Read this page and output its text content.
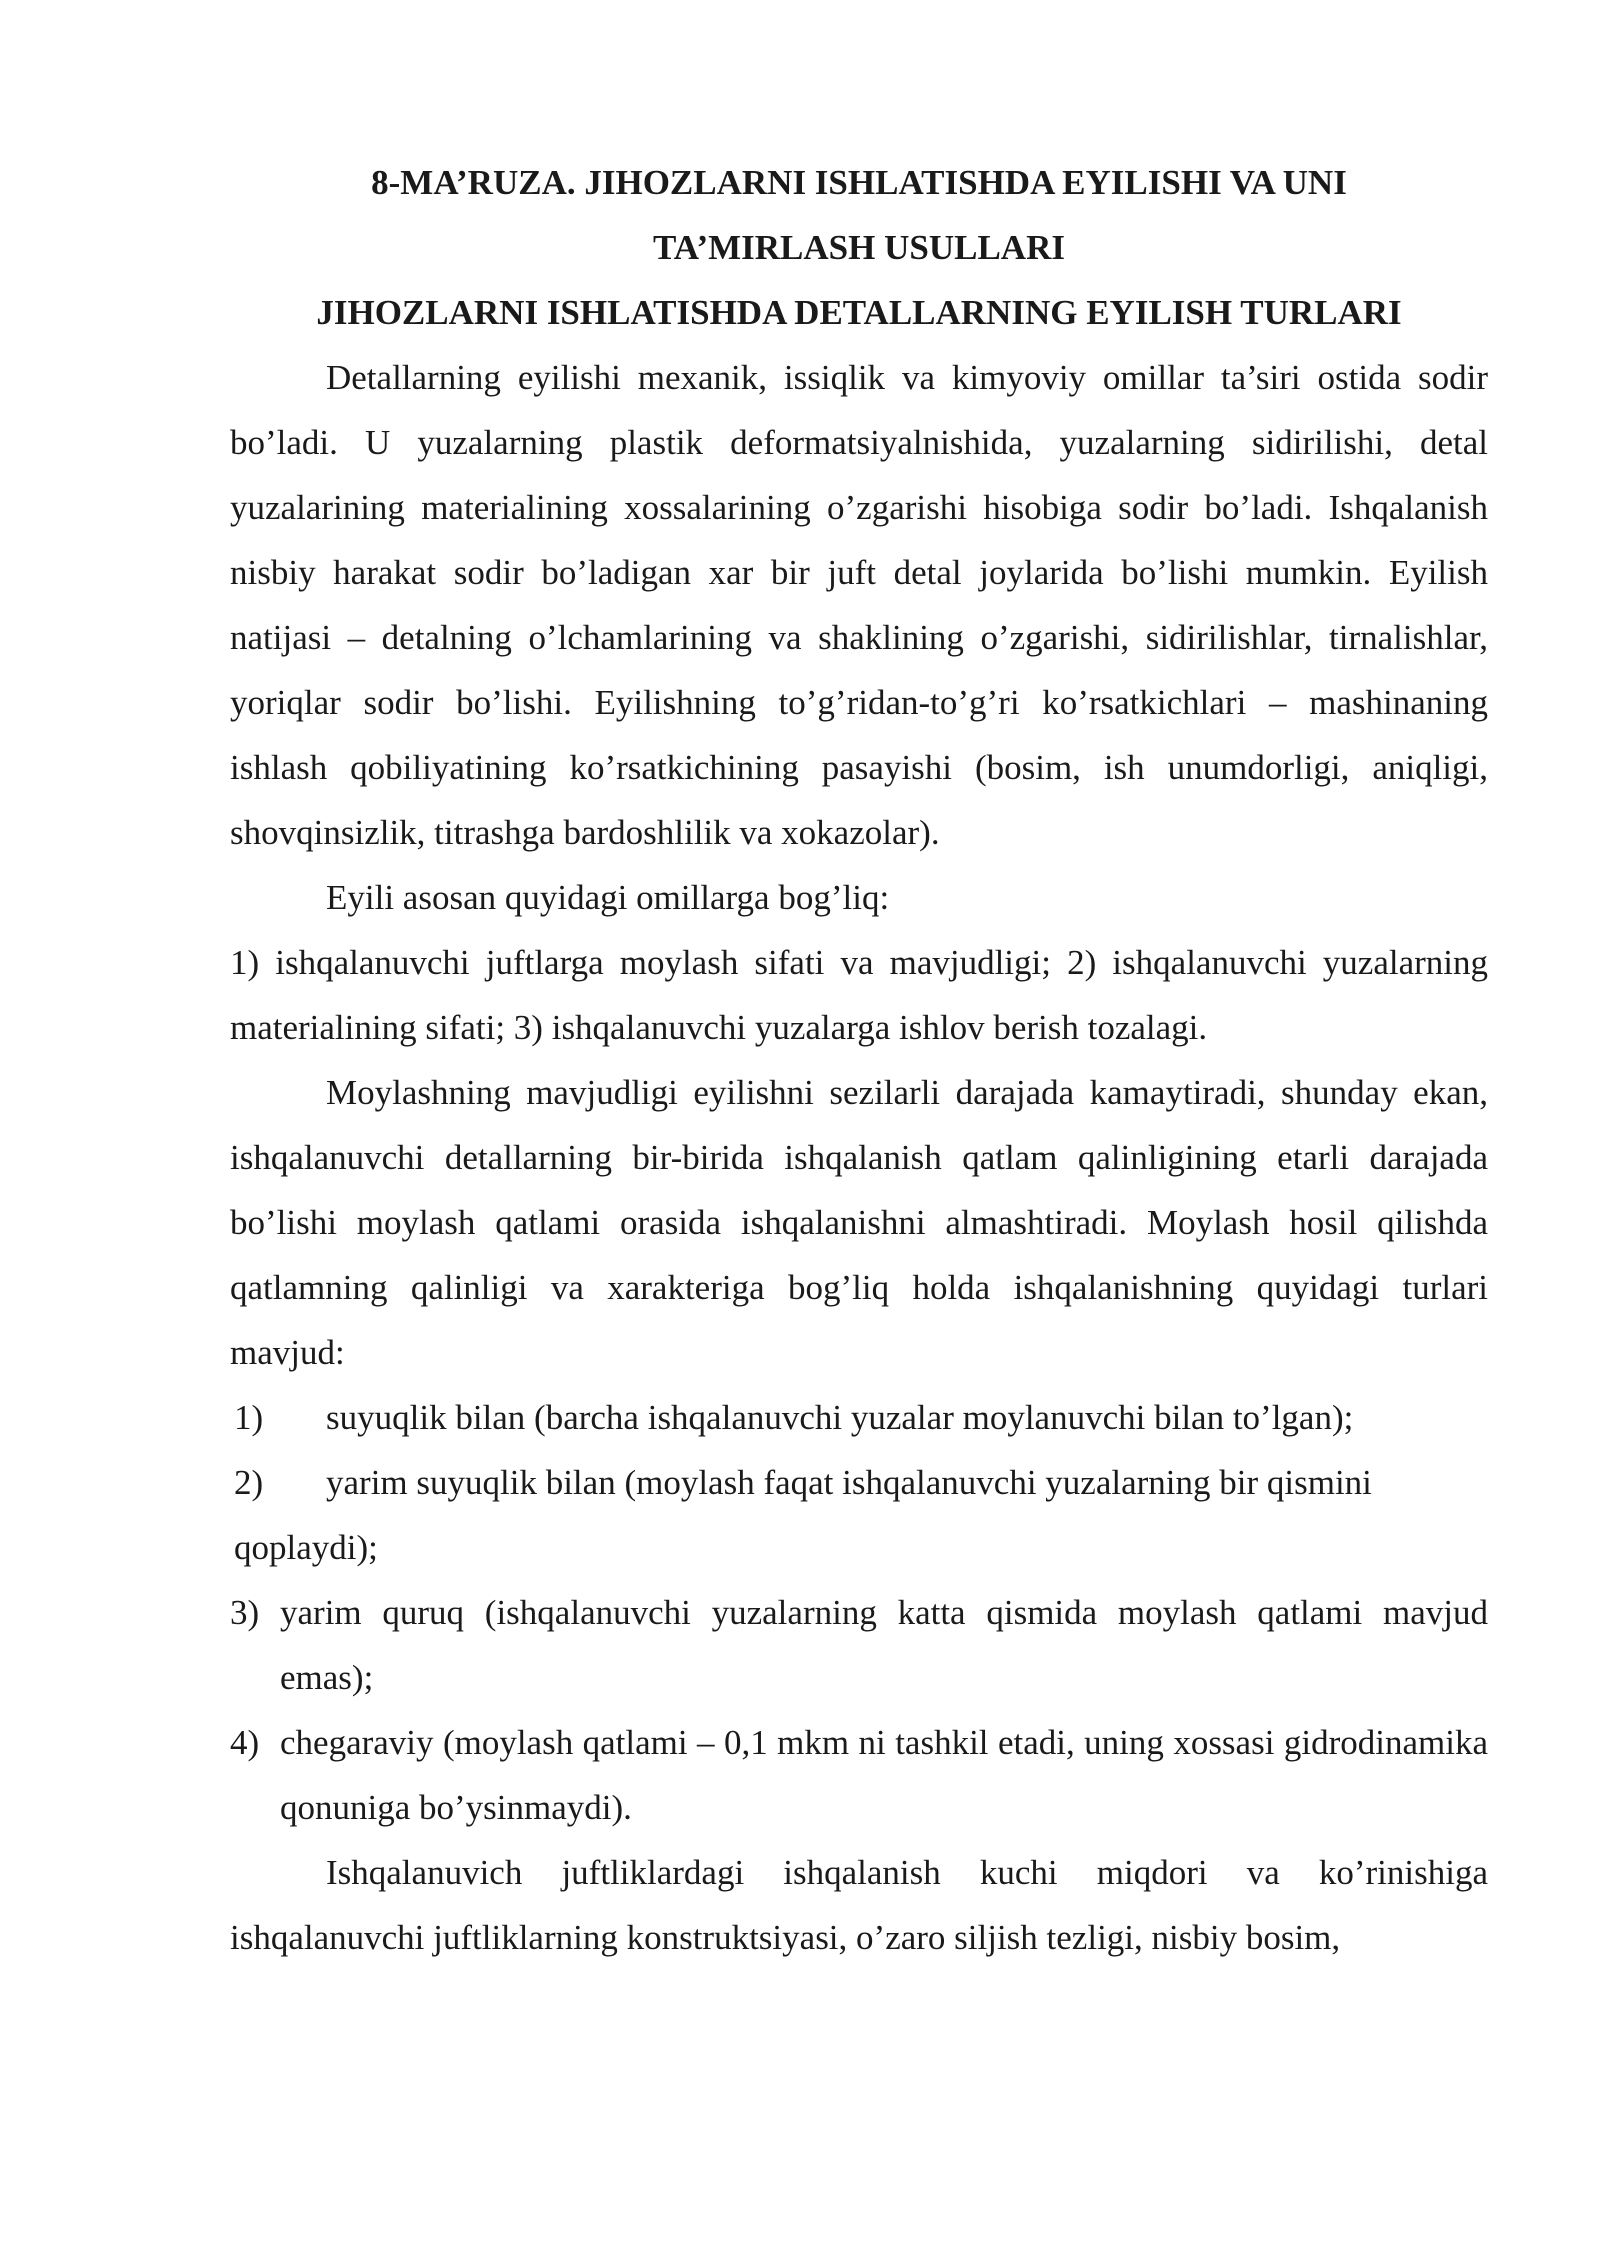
8-MA’RUZA. JIHOZLARNI ISHLATISHDA EYILISHI VA UNI

TA’MIRLASH USULLARI

JIHOZLARNI ISHLATISHDA DETALLARNING EYILISH TURLARI

Detallarning eyilishi mexanik, issiqlik va kimyoviy omillar ta’siri ostida sodir bo’ladi. U yuzalarning plastik deformatsiyalnishida, yuzalarning sidirilishi, detal yuzalarining materialining xossalarining o’zgarishi hisobiga sodir bo’ladi. Ishqalanish nisbiy harakat sodir bo’ladigan xar bir juft detal joylarida bo’lishi mumkin. Eyilish natijasi – detalning o’lchamlarining va shaklining o’zgarishi, sidirilishlar, tirnalishlar, yoriqlar sodir bo’lishi. Eyilishning to’g’ridan-to’g’ri ko’rsatkichlari – mashinaning ishlash qobiliyatining ko’rsatkichining pasayishi (bosim, ish unumdorligi, aniqligi, shovqinsizlik, titrashga bardoshlilik va xokazolar).

Eyili asosan quyidagi omillarga bog’liq:

1) ishqalanuvchi juftlarga moylash sifati va mavjudligi; 2) ishqalanuvchi yuzalarning materialining sifati; 3) ishqalanuvchi yuzalarga ishlov berish tozalagi.

Moylashning mavjudligi eyilishni sezilarli darajada kamaytiradi, shunday ekan, ishqalanuvchi detallarning bir-birida ishqalanish qatlam qalinligining etarli darajada bo’lishi moylash qatlami orasida ishqalanishni almashtiradi. Moylash hosil qilishda qatlamning qalinligi va xarakteriga bog’liq holda ishqalanishning quyidagi turlari mavjud:

1) suyuqlik bilan (barcha ishqalanuvchi yuzalar moylanuvchi bilan to’lgan);
2) yarim suyuqlik bilan (moylash faqat ishqalanuvchi yuzalarning bir qismini
qoplaydi);
3) yarim quruq (ishqalanuvchi yuzalarning katta qismida moylash qatlami mavjud emas);
4) chegaraviy (moylash qatlami – 0,1 mkm ni tashkil etadi, uning xossasi gidrodinamika qonuniga bo’ysinmaydi).

Ishqalanuvich juftliklardagi ishqalanish kuchi miqdori va ko’rinishiga ishqalanuvchi juftliklarning konstruktsiyasi, o’zaro siljish tezligi, nisbiy bosim,
